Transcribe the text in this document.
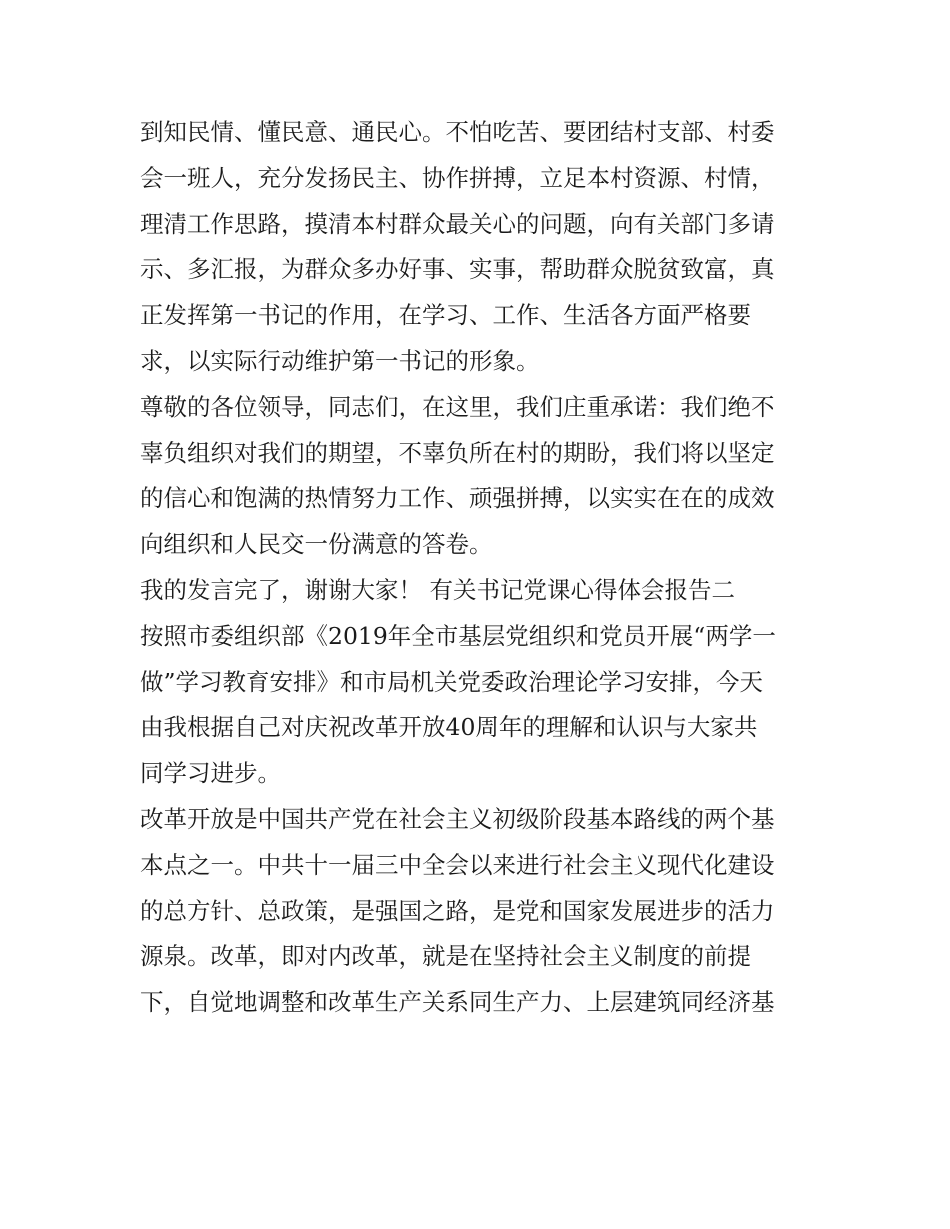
到知民情、懂民意、通民心。不怕吃苦、要团结村支部、村委
会一班人，充分发扬民主、协作拼搏，立足本村资源、村情，
理清工作思路，摸清本村群众最关心的问题，向有关部门多请
示、多汇报，为群众多办好事、实事，帮助群众脱贫致富，真
正发挥第一书记的作用，在学习、工作、生活各方面严格要
求，以实际行动维护第一书记的形象。
尊敬的各位领导，同志们，在这里，我们庄重承诺：我们绝不
辜负组织对我们的期望，不辜负所在村的期盼，我们将以坚定
的信心和饱满的热情努力工作、顽强拼搏，以实实在在的成效
向组织和人民交一份满意的答卷。
我的发言完了，谢谢大家！ 有关书记党课心得体会报告二
按照市委组织部《2019年全市基层党组织和党员开展“两学一
做”学习教育安排》和市局机关党委政治理论学习安排，今天
由我根据自己对庆祝改革开放40周年的理解和认识与大家共
同学习进步。
改革开放是中国共产党在社会主义初级阶段基本路线的两个基
本点之一。中共十一届三中全会以来进行社会主义现代化建设
的总方针、总政策，是强国之路，是党和国家发展进步的活力
源泉。改革，即对内改革，就是在坚持社会主义制度的前提
下，自觉地调整和改革生产关系同生产力、上层建筑同经济基
